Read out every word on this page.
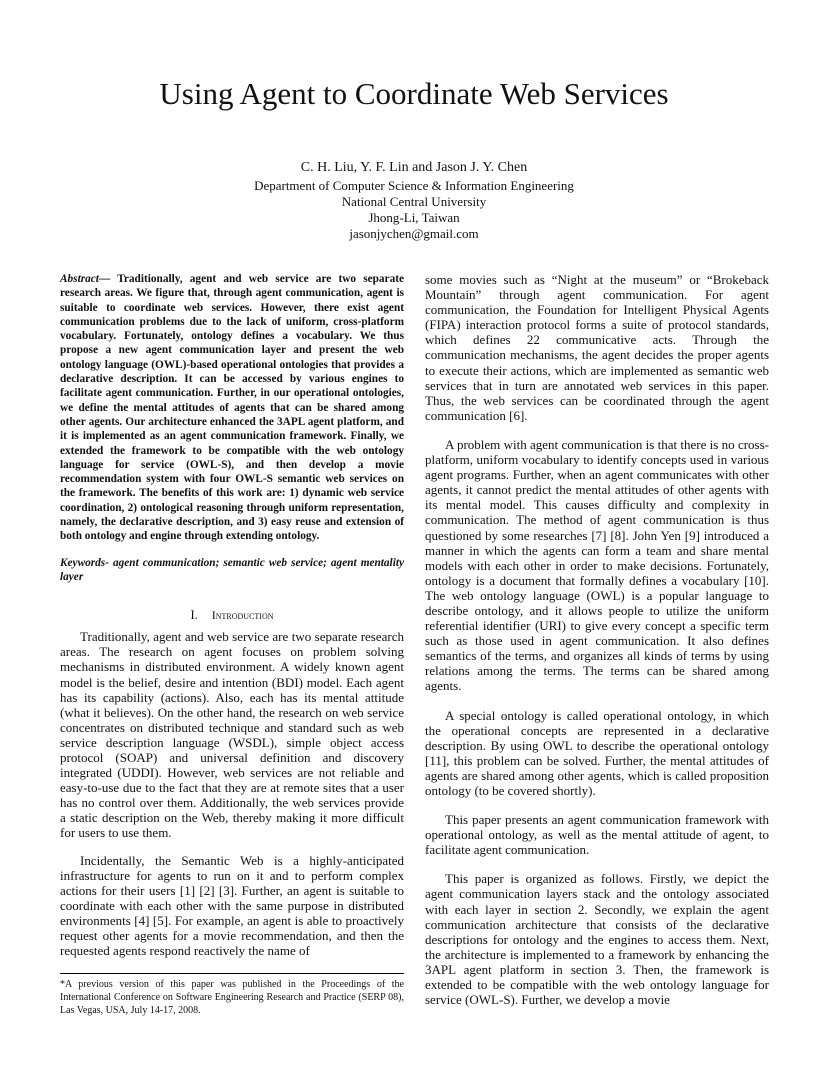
Using Agent to Coordinate Web Services
C. H. Liu, Y. F. Lin and Jason J. Y. Chen
Department of Computer Science & Information Engineering
National Central University
Jhong-Li, Taiwan
jasonjychen@gmail.com

Abstract— Traditionally, agent and web service are two separate research areas. We figure that, through agent communication, agent is suitable to coordinate web services. However, there exist agent communication problems due to the lack of uniform, cross-platform vocabulary. Fortunately, ontology defines a vocabulary. We thus propose a new agent communication layer and present the web ontology language (OWL)-based operational ontologies that provides a declarative description. It can be accessed by various engines to facilitate agent communication. Further, in our operational ontologies, we define the mental attitudes of agents that can be shared among other agents. Our architecture enhanced the 3APL agent platform, and it is implemented as an agent communication framework. Finally, we extended the framework to be compatible with the web ontology language for service (OWL-S), and then develop a movie recommendation system with four OWL-S semantic web services on the framework. The benefits of this work are: 1) dynamic web service coordination, 2) ontological reasoning through uniform representation, namely, the declarative description, and 3) easy reuse and extension of both ontology and engine through extending ontology.

Keywords- agent communication; semantic web service; agent mentality layer

I. Introduction

Traditionally, agent and web service are two separate research areas. The research on agent focuses on problem solving mechanisms in distributed environment. A widely known agent model is the belief, desire and intention (BDI) model. Each agent has its capability (actions). Also, each has its mental attitude (what it believes). On the other hand, the research on web service concentrates on distributed technique and standard such as web service description language (WSDL), simple object access protocol (SOAP) and universal definition and discovery integrated (UDDI). However, web services are not reliable and easy-to-use due to the fact that they are at remote sites that a user has no control over them. Additionally, the web services provide a static description on the Web, thereby making it more difficult for users to use them.

Incidentally, the Semantic Web is a highly-anticipated infrastructure for agents to run on it and to perform complex actions for their users [1] [2] [3]. Further, an agent is suitable to coordinate with each other with the same purpose in distributed environments [4] [5]. For example, an agent is able to proactively request other agents for a movie recommendation, and then the requested agents respond reactively the name of

some movies such as “Night at the museum” or “Brokeback Mountain” through agent communication. For agent communication, the Foundation for Intelligent Physical Agents (FIPA) interaction protocol forms a suite of protocol standards, which defines 22 communicative acts. Through the communication mechanisms, the agent decides the proper agents to execute their actions, which are implemented as semantic web services that in turn are annotated web services in this paper. Thus, the web services can be coordinated through the agent communication [6].

A problem with agent communication is that there is no cross-platform, uniform vocabulary to identify concepts used in various agent programs. Further, when an agent communicates with other agents, it cannot predict the mental attitudes of other agents with its mental model. This causes difficulty and complexity in communication. The method of agent communication is thus questioned by some researches [7] [8]. John Yen [9] introduced a manner in which the agents can form a team and share mental models with each other in order to make decisions. Fortunately, ontology is a document that formally defines a vocabulary [10]. The web ontology language (OWL) is a popular language to describe ontology, and it allows people to utilize the uniform referential identifier (URI) to give every concept a specific term such as those used in agent communication. It also defines semantics of the terms, and organizes all kinds of terms by using relations among the terms. The terms can be shared among agents.

A special ontology is called operational ontology, in which the operational concepts are represented in a declarative description. By using OWL to describe the operational ontology [11], this problem can be solved. Further, the mental attitudes of agents are shared among other agents, which is called proposition ontology (to be covered shortly).

This paper presents an agent communication framework with operational ontology, as well as the mental attitude of agent, to facilitate agent communication.

This paper is organized as follows. Firstly, we depict the agent communication layers stack and the ontology associated with each layer in section 2. Secondly, we explain the agent communication architecture that consists of the declarative descriptions for ontology and the engines to access them. Next, the architecture is implemented to a framework by enhancing the 3APL agent platform in section 3. Then, the framework is extended to be compatible with the web ontology language for service (OWL-S). Further, we develop a movie

*A previous version of this paper was published in the Proceedings of the International Conference on Software Engineering Research and Practice (SERP 08), Las Vegas, USA, July 14-17, 2008.
